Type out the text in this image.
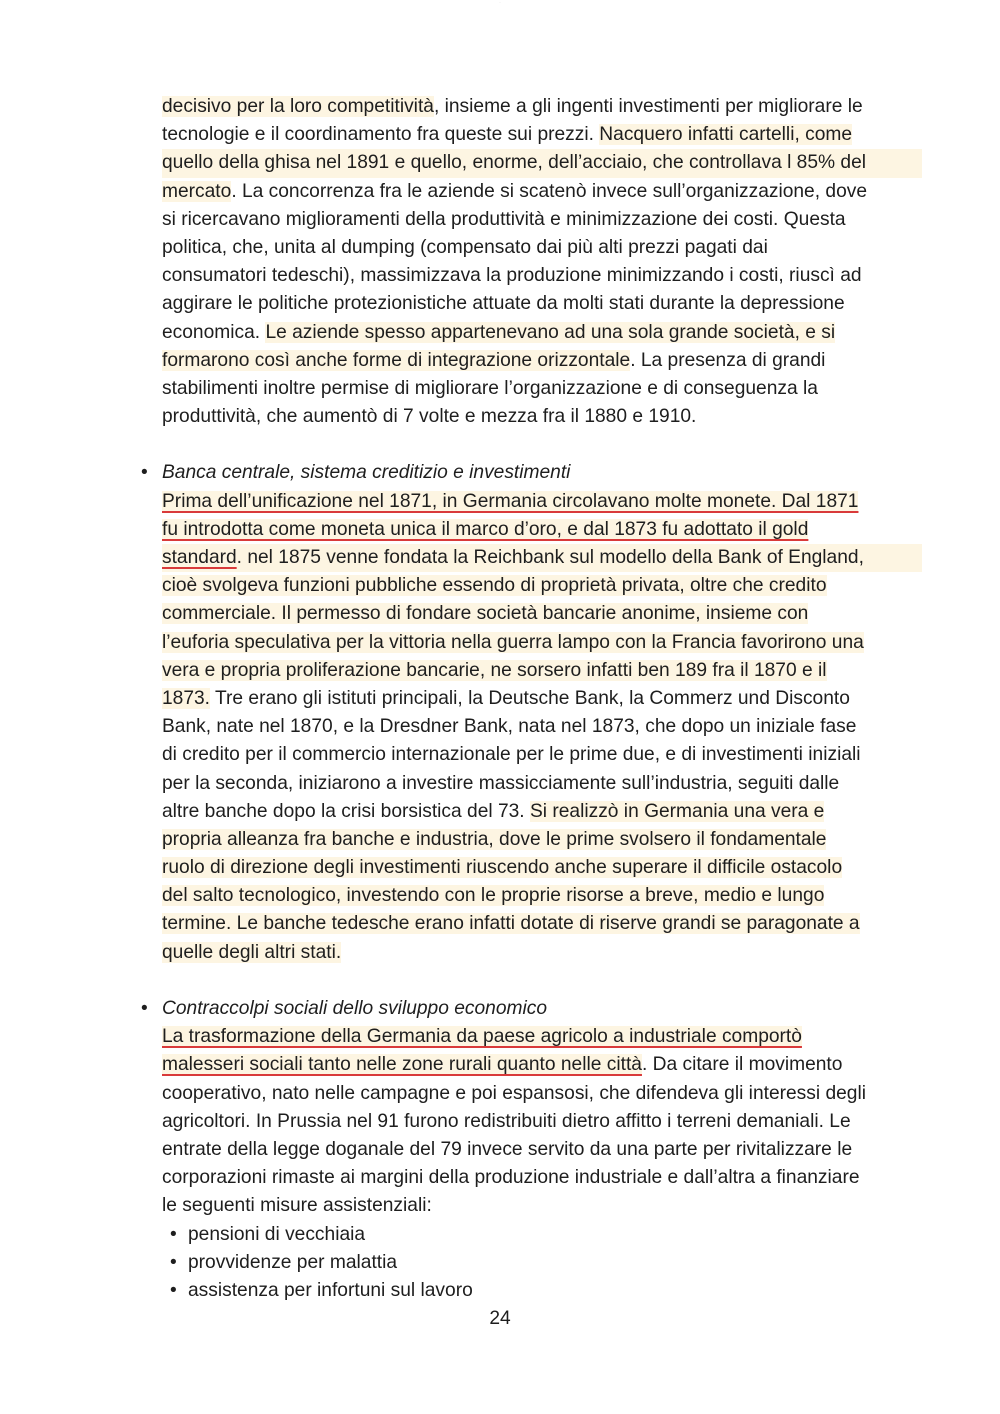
-
decisivo per la loro competitività, insieme a gli ingenti investimenti per migliorare le
tecnologie e il coordinamento fra queste sui prezzi. Nacquero infatti cartelli, come
quello della ghisa nel 1891 e quello, enorme, dell’acciaio, che controllava l 85% del
mercato. La concorrenza fra le aziende si scatenò invece sull’organizzazione, dove
si ricercavano miglioramenti della produttività e minimizzazione dei costi. Questa
politica, che, unita al dumping (compensato dai più alti prezzi pagati dai
consumatori tedeschi), massimizzava la produzione minimizzando i costi, riuscì ad
aggirare le politiche protezionistiche attuate da molti stati durante la depressione
economica. Le aziende spesso appartenevano ad una sola grande società, e si
formarono così anche forme di integrazione orizzontale. La presenza di grandi
stabilimenti inoltre permise di migliorare l’organizzazione e di conseguenza la
produttività, che aumentò di 7 volte e mezza fra il 1880 e 1910.
• Banca centrale, sistema creditizio e investimenti
Prima dell’unificazione nel 1871, in Germania circolavano molte monete. Dal 1871
fu introdotta come moneta unica il marco d’oro, e dal 1873 fu adottato il gold
standard. nel 1875 venne fondata la Reichbank sul modello della Bank of England,
cioè svolgeva funzioni pubbliche essendo di proprietà privata, oltre che credito
commerciale. Il permesso di fondare società bancarie anonime, insieme con
l’euforia speculativa per la vittoria nella guerra lampo con la Francia favorirono una
vera e propria proliferazione bancarie, ne sorsero infatti ben 189 fra il 1870 e il
1873. Tre erano gli istituti principali, la Deutsche Bank, la Commerz und Disconto
Bank, nate nel 1870, e la Dresdner Bank, nata nel 1873, che dopo un iniziale fase
di credito per il commercio internazionale per le prime due, e di investimenti iniziali
per la seconda, iniziarono a investire massicciamente sull’industria, seguiti dalle
altre banche dopo la crisi borsistica del 73. Si realizzò in Germania una vera e
propria alleanza fra banche e industria, dove le prime svolsero il fondamentale
ruolo di direzione degli investimenti riuscendo anche superare il difficile ostacolo
del salto tecnologico, investendo con le proprie risorse a breve, medio e lungo
termine. Le banche tedesche erano infatti dotate di riserve grandi se paragonate a
quelle degli altri stati.
• Contraccolpi sociali dello sviluppo economico
La trasformazione della Germania da paese agricolo a industriale comportò
malesseri sociali tanto nelle zone rurali quanto nelle città. Da citare il movimento
cooperativo, nato nelle campagne e poi espansosi, che difendeva gli interessi degli
agricoltori. In Prussia nel 91 furono redistribuiti dietro affitto i terreni demaniali. Le
entrate della legge doganale del 79 invece servito da una parte per rivitalizzare le
corporazioni rimaste ai margini della produzione industriale e dall’altra a finanziare
le seguenti misure assistenziali:
• pensioni di vecchiaia
• provvidenze per malattia
• assistenza per infortuni sul lavoro
24
